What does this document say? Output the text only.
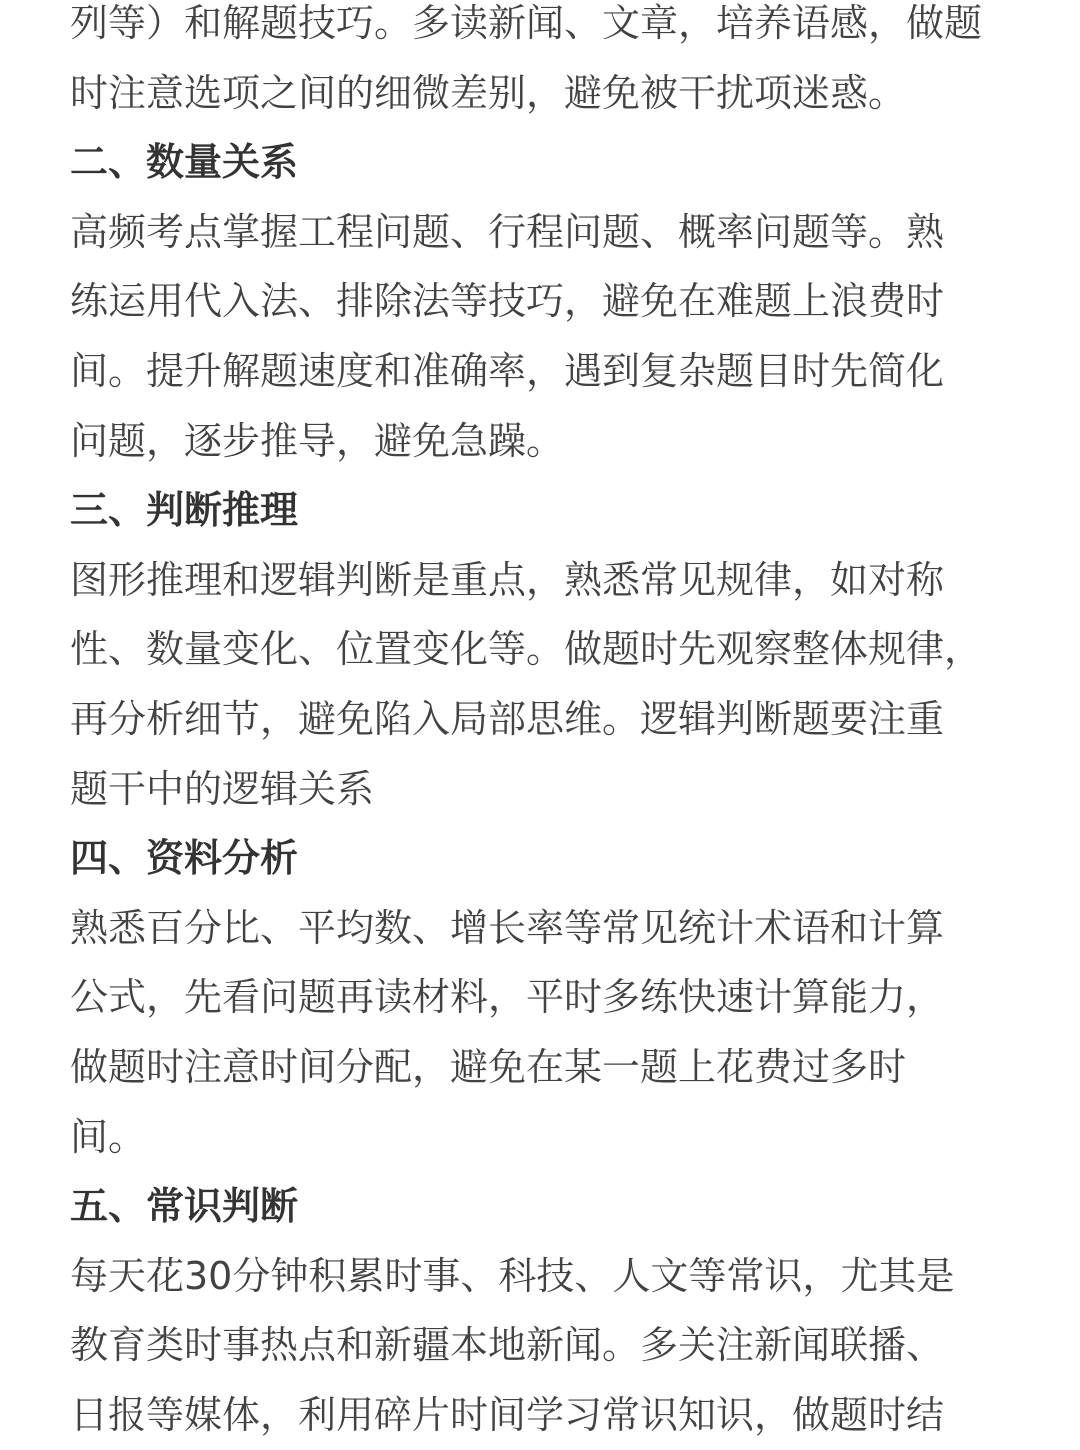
列等）和解题技巧。多读新闻、文章，培养语感，做题
时注意选项之间的细微差别，避免被干扰项迷惑。
二、数量关系
高频考点掌握工程问题、行程问题、概率问题等。熟
练运用代入法、排除法等技巧，避免在难题上浪费时
间。提升解题速度和准确率，遇到复杂题目时先简化
问题，逐步推导，避免急躁。
三、判断推理
图形推理和逻辑判断是重点，熟悉常见规律，如对称
性、数量变化、位置变化等。做题时先观察整体规律，
再分析细节，避免陷入局部思维。逻辑判断题要注重
题干中的逻辑关系
四、资料分析
熟悉百分比、平均数、增长率等常见统计术语和计算
公式，先看问题再读材料，平时多练快速计算能力，
做题时注意时间分配，避免在某一题上花费过多时
间。
五、常识判断
每天花30分钟积累时事、科技、人文等常识，尤其是
教育类时事热点和新疆本地新闻。多关注新闻联播、
日报等媒体，利用碎片时间学习常识知识，做题时结
